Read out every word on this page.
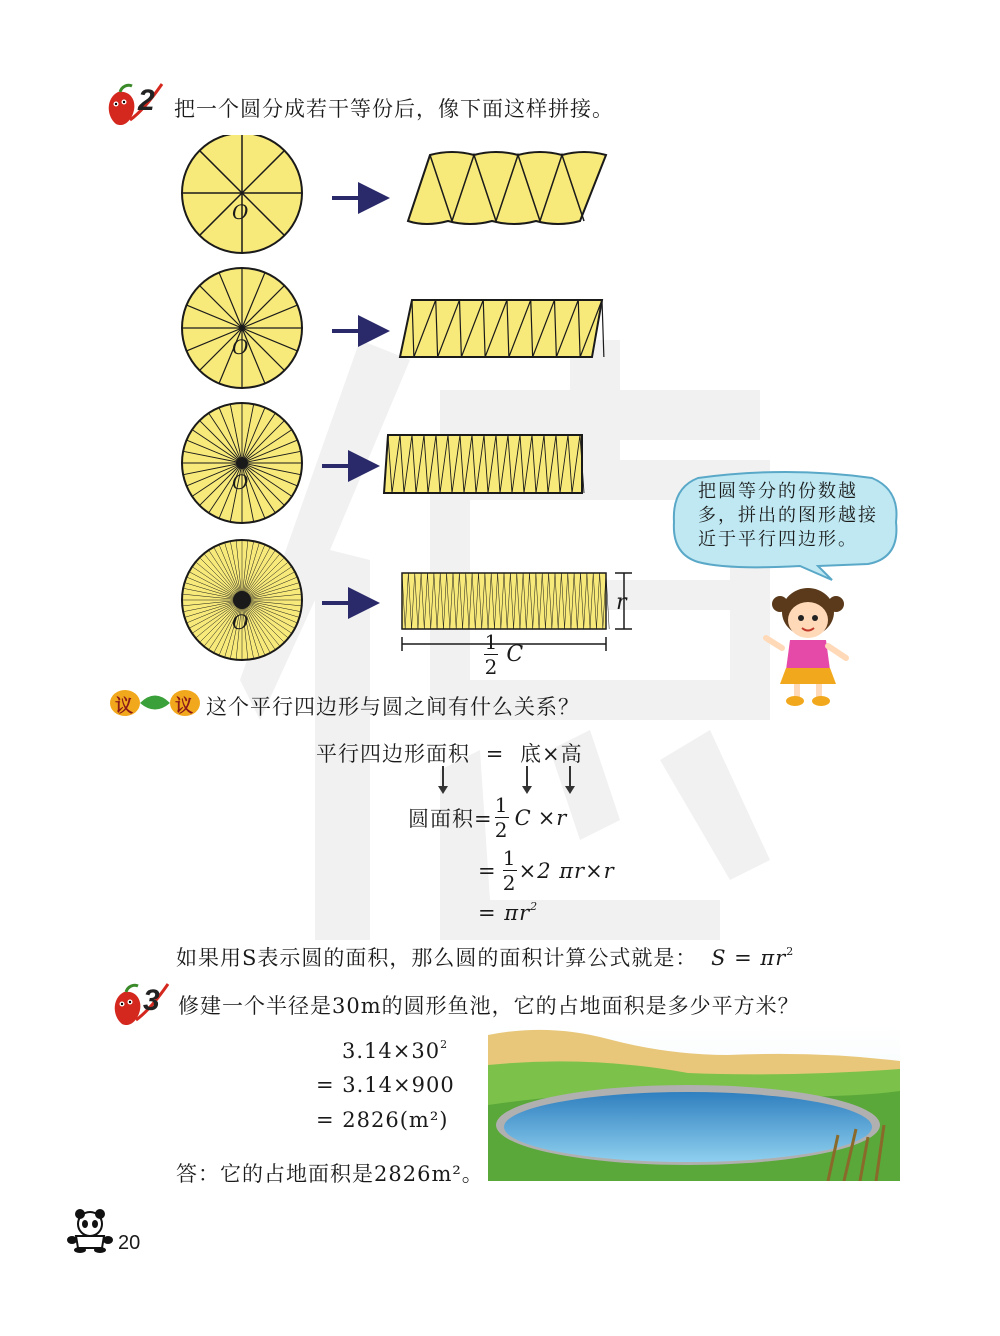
2 把一个圆分成若干等份后，像下面这样拼接。
O
O
O
O
r
$\frac{1}{2}$ C
把圆等分的份数越
多，拼出的图形越接
近于平行四边形。
议 议 这个平行四边形与圆之间有什么关系？
平行四边形面积 = 底×高
圆面积= $\frac{1}{2}$ C × r
= $\frac{1}{2} \times 2$ πr×r
= $\pi r^2$
如果用S表示圆的面积，那么圆的面积计算公式就是： $S = \pi r^2$
3 修建一个半径是30m的圆形鱼池，它的占地面积是多少平方米？
$3.14\times 30^2$
= 3.14×900
= 2826(m²)
答：它的占地面积是2826m²。
20
